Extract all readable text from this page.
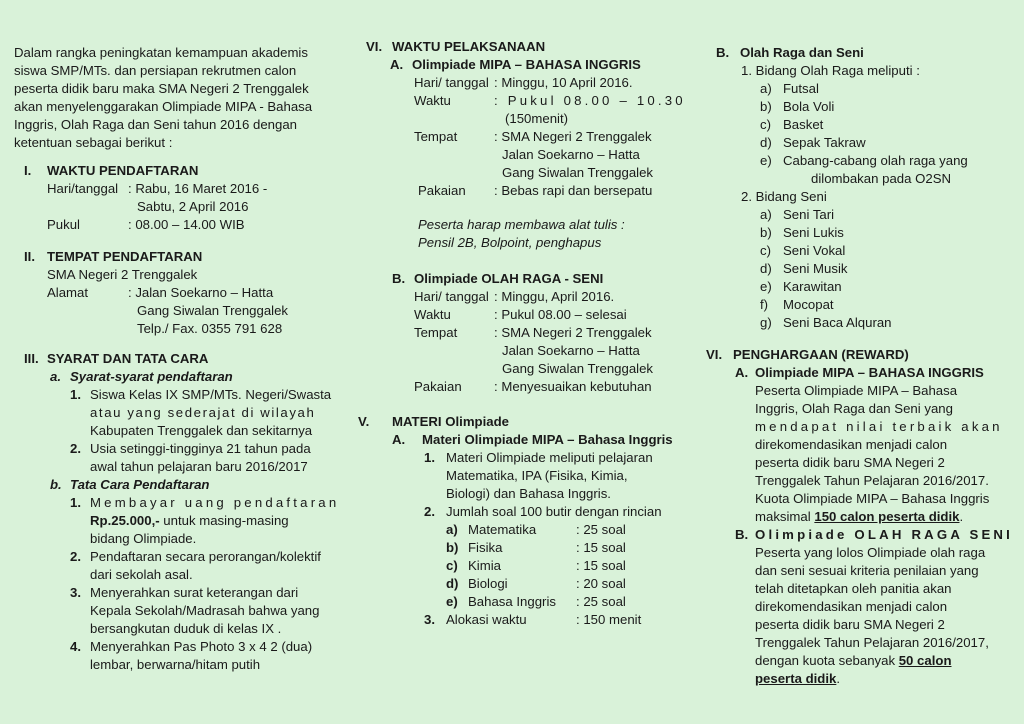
Dalam rangka peningkatan kemampuan akademis
siswa SMP/MTs. dan persiapan rekrutmen calon
peserta didik baru maka SMA Negeri 2 Trenggalek
akan menyelenggarakan Olimpiade MIPA - Bahasa
Inggris, Olah Raga dan Seni tahun 2016 dengan
ketentuan sebagai berikut :
I. WAKTU PENDAFTARAN
Hari/tanggal : Rabu, 16 Maret 2016 -
Sabtu, 2 April 2016
Pukul	: 08.00 – 14.00 WIB
II. TEMPAT PENDAFTARAN
SMA Negeri 2 Trenggalek
Alamat	: Jalan Soekarno – Hatta
Gang Siwalan Trenggalek
Telp./ Fax. 0355 791 628
III. SYARAT DAN TATA CARA
a. Syarat-syarat pendaftaran
1. Siswa Kelas IX SMP/MTs. Negeri/Swasta
atau yang sederajat di wilayah
Kabupaten Trenggalek dan sekitarnya
2. Usia setinggi-tingginya 21 tahun pada
awal tahun pelajaran baru 2016/2017
b. Tata Cara Pendaftaran
1. Membayar uang pendaftaran
Rp.25.000,- untuk masing-masing
bidang Olimpiade.
2. Pendaftaran secara perorangan/kolektif
dari sekolah asal.
3. Menyerahkan surat keterangan dari
Kepala Sekolah/Madrasah bahwa yang
bersangkutan duduk di kelas IX .
4. Menyerahkan Pas Photo 3 x 4 2 (dua)
lembar, berwarna/hitam putih
VI. WAKTU PELAKSANAAN
A. Olimpiade MIPA – BAHASA INGGRIS
Hari/ tanggal : Minggu, 10 April 2016.
Waktu	: Pukul 08.00 – 10.30
(150menit)
Tempat	: SMA Negeri 2 Trenggalek
Jalan Soekarno – Hatta
Gang Siwalan Trenggalek
Pakaian : Bebas rapi dan bersepatu
Peserta harap membawa alat tulis :
Pensil 2B, Bolpoint, penghapus
B. Olimpiade OLAH RAGA - SENI
Hari/ tanggal : Minggu, April 2016.
Waktu	: Pukul 08.00 – selesai
Tempat	: SMA Negeri 2 Trenggalek
Jalan Soekarno – Hatta
Gang Siwalan Trenggalek
Pakaian : Menyesuaikan kebutuhan
V. MATERI Olimpiade
A. Materi Olimpiade MIPA – Bahasa Inggris
1. Materi Olimpiade meliputi pelajaran
Matematika, IPA (Fisika, Kimia,
Biologi) dan Bahasa Inggris.
2. Jumlah soal 100 butir dengan rincian
a) Matematika	: 25 soal
b) Fisika	: 15 soal
c) Kimia	: 15 soal
d) Biologi	: 20 soal
e) Bahasa Inggris : 25 soal
3. Alokasi waktu	: 150 menit
B. Olah Raga dan Seni
1. Bidang Olah Raga meliputi :
a) Futsal
b) Bola Voli
c) Basket
d) Sepak Takraw
e) Cabang-cabang olah raga yang
dilombakan pada O2SN
2. Bidang Seni
a) Seni Tari
b) Seni Lukis
c) Seni Vokal
d) Seni Musik
e) Karawitan
f) Mocopat
g) Seni Baca Alquran
VI. PENGHARGAAN (REWARD)
A. Olimpiade MIPA – BAHASA INGGRIS
Peserta Olimpiade MIPA – Bahasa
Inggris, Olah Raga dan Seni yang
mendapat nilai terbaik akan
direkomendasikan menjadi calon
peserta didik baru SMA Negeri 2
Trenggalek Tahun Pelajaran 2016/2017.
Kuota Olimpiade MIPA – Bahasa Inggris
maksimal 150 calon peserta didik.
B. Olimpiade OLAH RAGA SENI
Peserta yang lolos Olimpiade olah raga
dan seni sesuai kriteria penilaian yang
telah ditetapkan oleh panitia akan
direkomendasikan menjadi calon
peserta didik baru SMA Negeri 2
Trenggalek Tahun Pelajaran 2016/2017,
dengan kuota sebanyak 50 calon
peserta didik.
